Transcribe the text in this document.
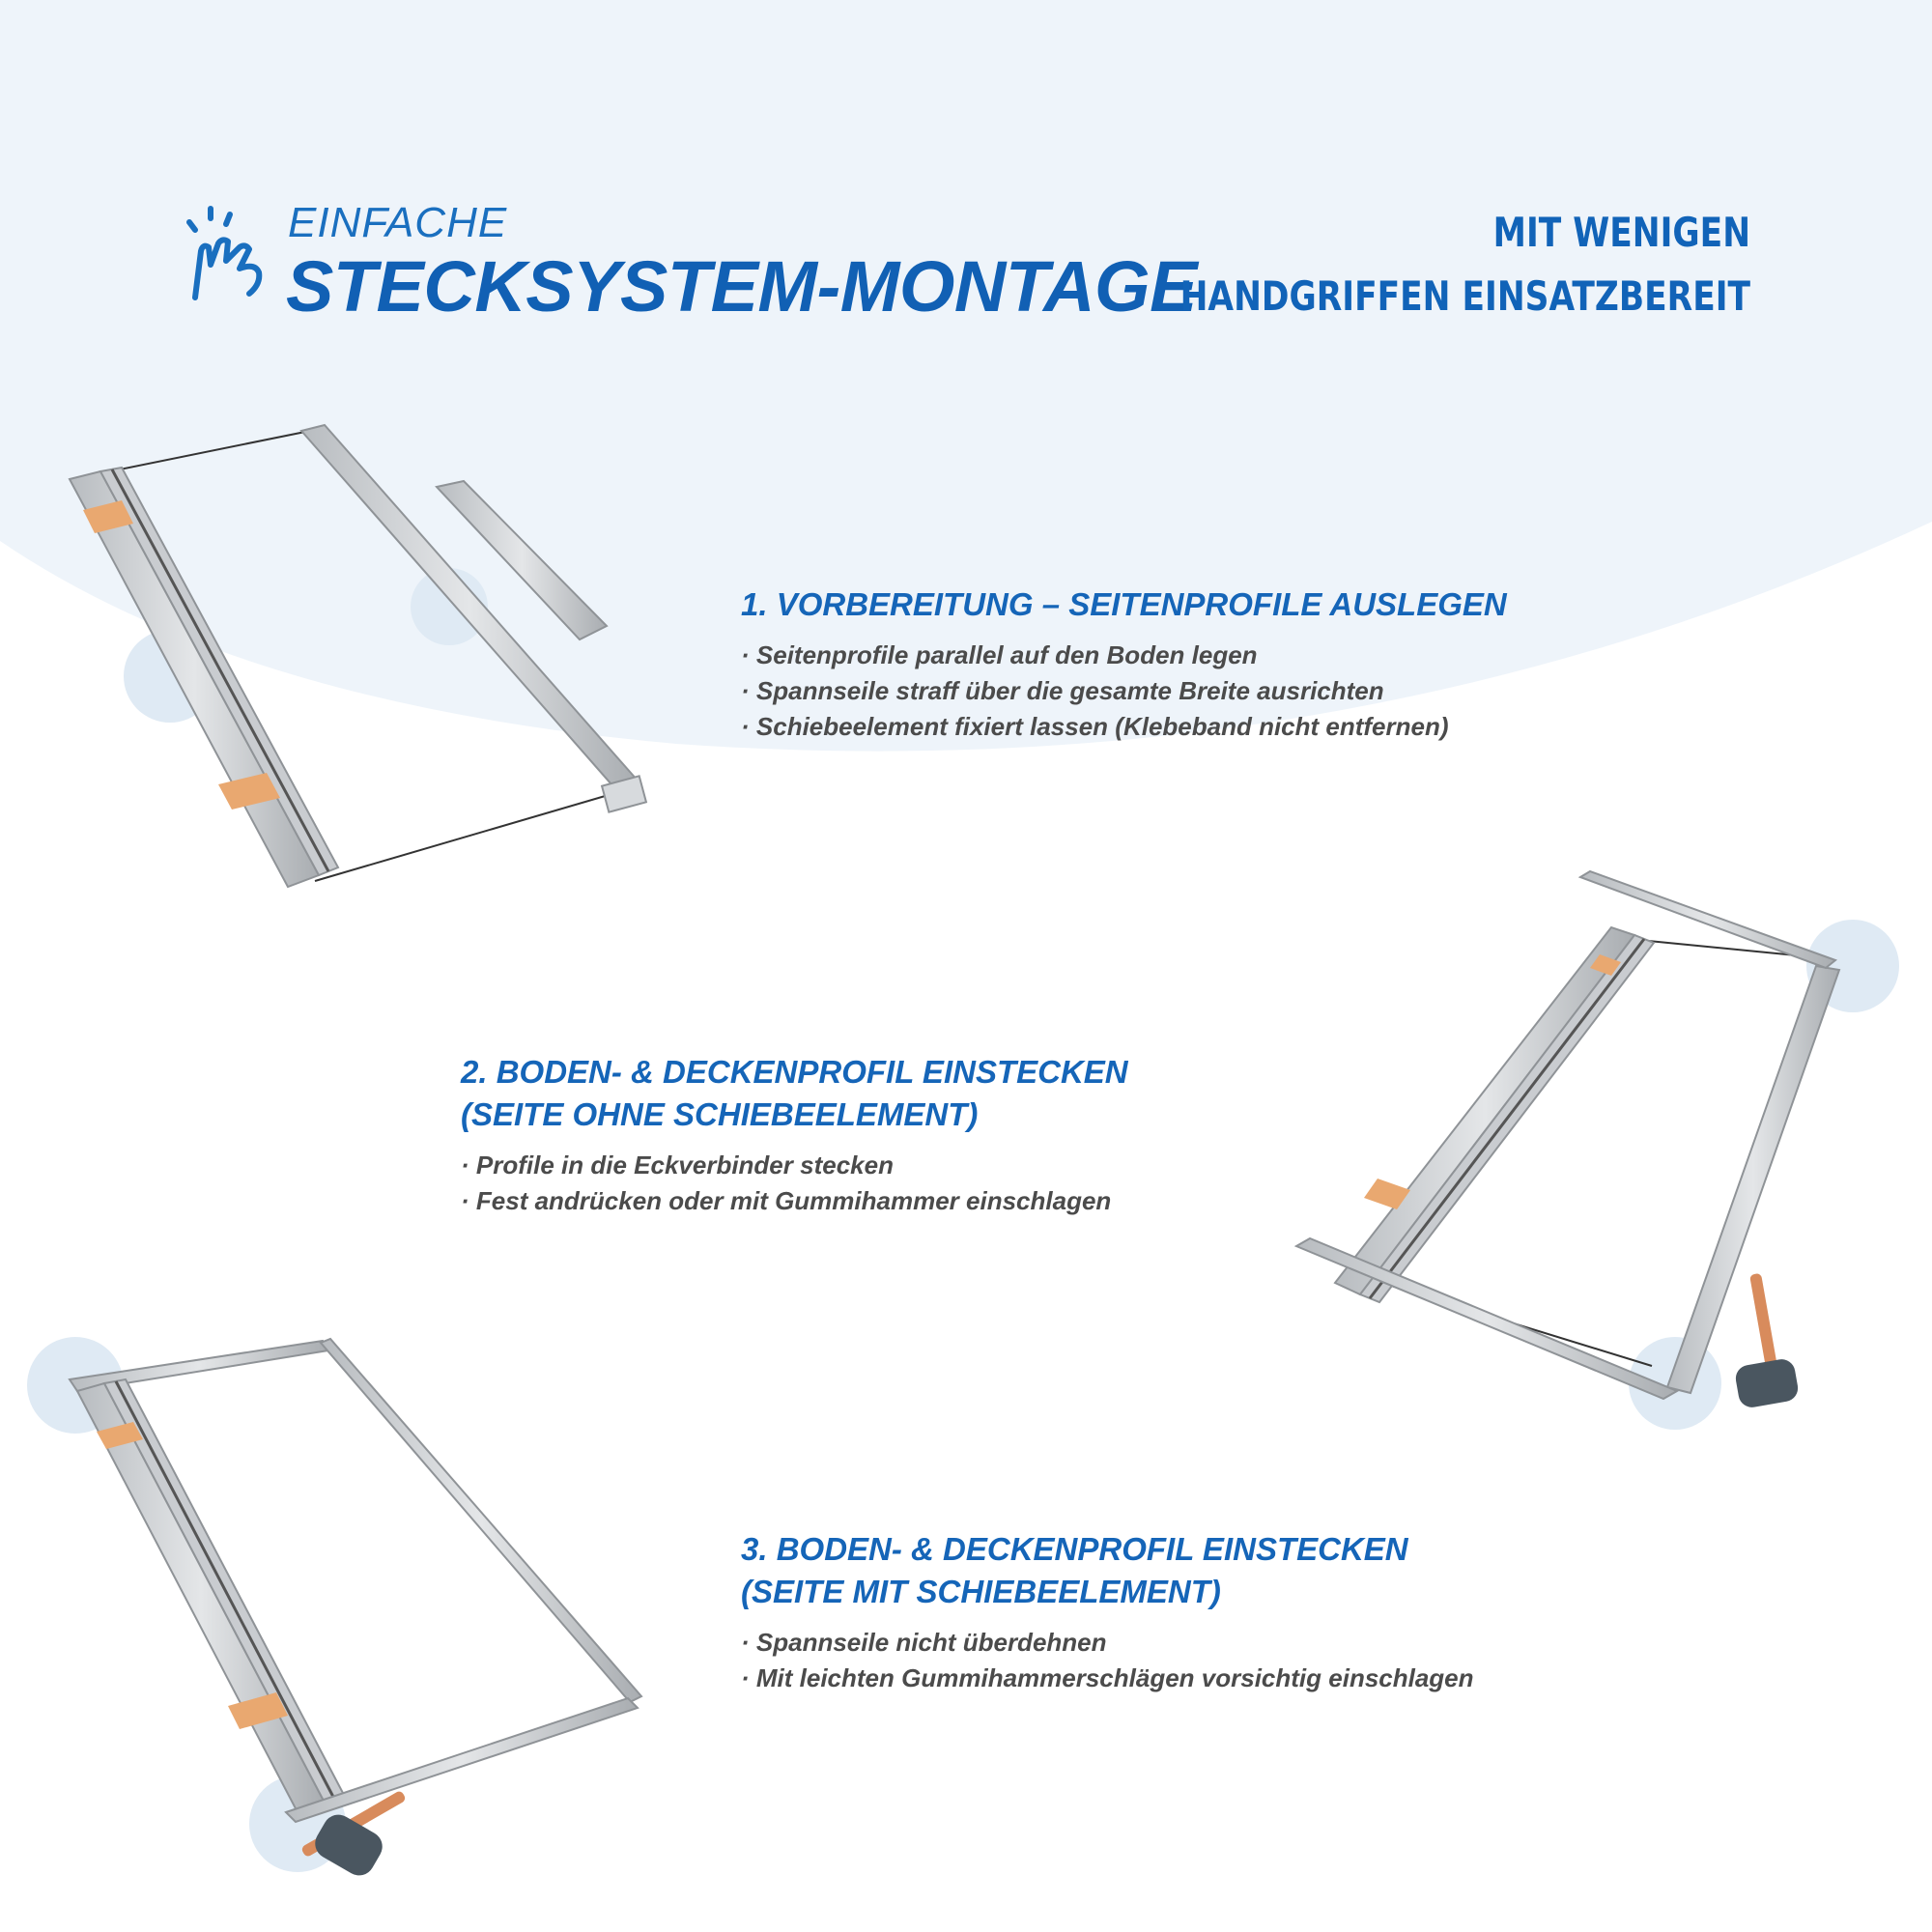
EINFACHE
STECKSYSTEM-MONTAGE
MIT WENIGEN
HANDGRIFFEN EINSATZBEREIT
1. VORBEREITUNG – SEITENPROFILE AUSLEGEN
· Seitenprofile parallel auf den Boden legen
· Spannseile straff über die gesamte Breite ausrichten
· Schiebeelement fixiert lassen (Klebeband nicht entfernen)
2. BODEN- & DECKENPROFIL EINSTECKEN
(SEITE OHNE SCHIEBEELEMENT)
· Profile in die Eckverbinder stecken
· Fest andrücken oder mit Gummihammer einschlagen
3. BODEN- & DECKENPROFIL EINSTECKEN
(SEITE MIT SCHIEBEELEMENT)
· Spannseile nicht überdehnen
· Mit leichten Gummihammerschlägen vorsichtig einschlagen
